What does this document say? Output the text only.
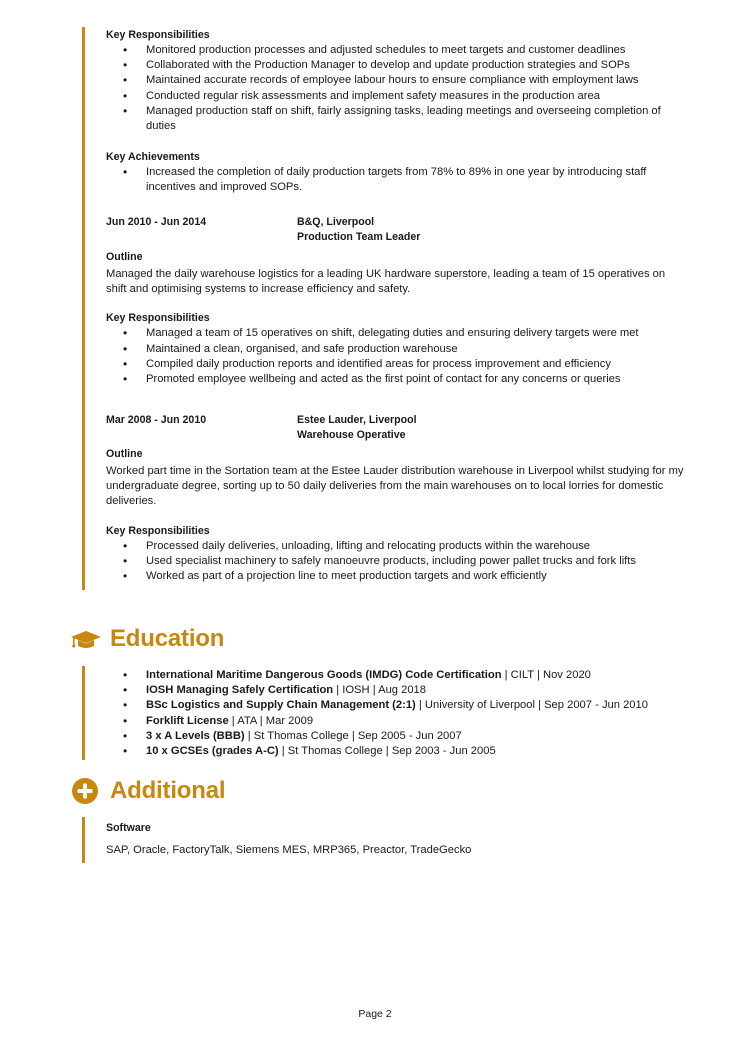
Key Responsibilities
• Monitored production processes and adjusted schedules to meet targets and customer deadlines
• Collaborated with the Production Manager to develop and update production strategies and SOPs
• Maintained accurate records of employee labour hours to ensure compliance with employment laws
• Conducted regular risk assessments and implement safety measures in the production area
• Managed production staff on shift, fairly assigning tasks, leading meetings and overseeing completion of duties
Key Achievements
• Increased the completion of daily production targets from 78% to 89% in one year by introducing staff incentives and improved SOPs.
Jun 2010 - Jun 2014	B&Q, Liverpool
Production Team Leader
Outline
Managed the daily warehouse logistics for a leading UK hardware superstore, leading a team of 15 operatives on shift and optimising systems to increase efficiency and safety.
Key Responsibilities
• Managed a team of 15 operatives on shift, delegating duties and ensuring delivery targets were met
• Maintained a clean, organised, and safe production warehouse
• Compiled daily production reports and identified areas for process improvement and efficiency
• Promoted employee wellbeing and acted as the first point of contact for any concerns or queries
Mar 2008 - Jun 2010	Estee Lauder, Liverpool
Warehouse Operative
Outline
Worked part time in the Sortation team at the Estee Lauder distribution warehouse in Liverpool whilst studying for my undergraduate degree, sorting up to 50 daily deliveries from the main warehouses on to local lorries for domestic deliveries.
Key Responsibilities
• Processed daily deliveries, unloading, lifting and relocating products within the warehouse
• Used specialist machinery to safely manoeuvre products, including power pallet trucks and fork lifts
• Worked as part of a projection line to meet production targets and work efficiently
Education
• International Maritime Dangerous Goods (IMDG) Code Certification | CILT | Nov 2020
• IOSH Managing Safely Certification | IOSH | Aug 2018
• BSc Logistics and Supply Chain Management (2:1) | University of Liverpool | Sep 2007 - Jun 2010
• Forklift License | ATA | Mar 2009
• 3 x A Levels (BBB) | St Thomas College | Sep 2005 - Jun 2007
• 10 x GCSEs (grades A-C) | St Thomas College | Sep 2003 - Jun 2005
Additional
Software
SAP, Oracle, FactoryTalk, Siemens MES, MRP365, Preactor, TradeGecko
Page 2
